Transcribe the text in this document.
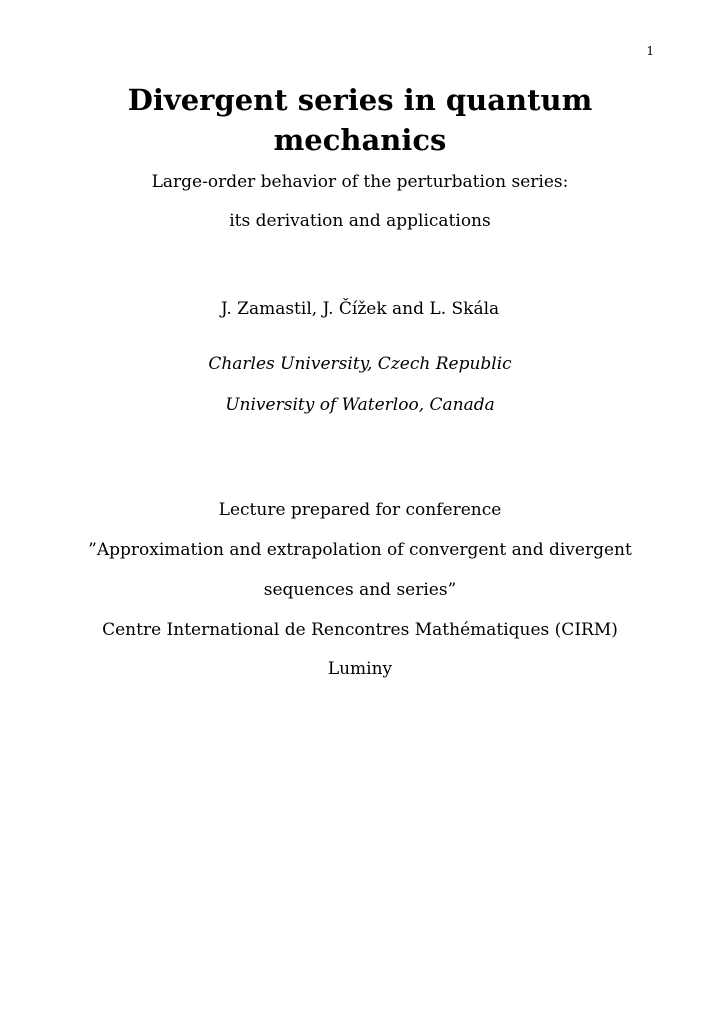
1
Divergent series in quantum
mechanics
Large-order behavior of the perturbation series:
its derivation and applications
J. Zamastil, J. Čížek and L. Skála
Charles University, Czech Republic
University of Waterloo, Canada
Lecture prepared for conference
”Approximation and extrapolation of convergent and divergent
sequences and series”
Centre International de Rencontres Mathématiques (CIRM)
Luminy
